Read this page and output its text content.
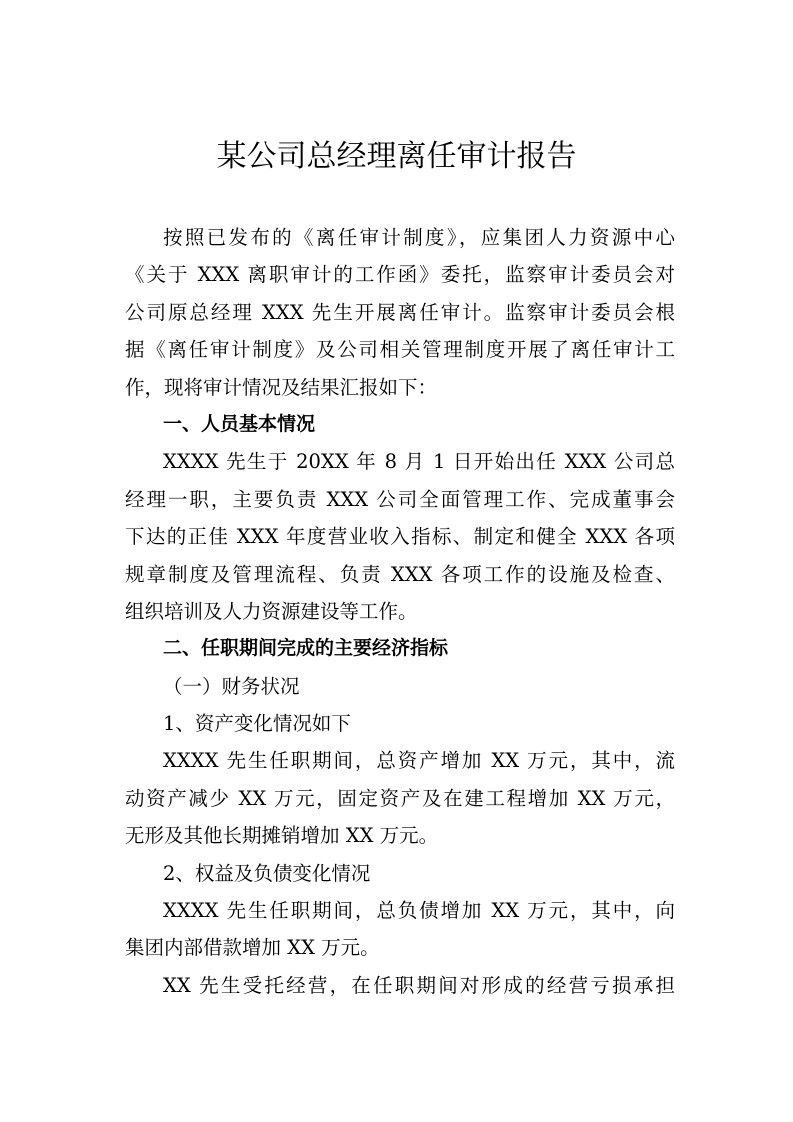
某公司总经理离任审计报告
按照已发布的《离任审计制度》，应集团人力资源中心
《关于 XXX 离职审计的工作函》委托，监察审计委员会对
公司原总经理 XXX 先生开展离任审计。监察审计委员会根
据《离任审计制度》及公司相关管理制度开展了离任审计工
作，现将审计情况及结果汇报如下：
一、人员基本情况
XXXX 先生于 20XX 年 8 月 1 日开始出任 XXX 公司总
经理一职，主要负责 XXX 公司全面管理工作、完成董事会
下达的正佳 XXX 年度营业收入指标、制定和健全 XXX 各项
规章制度及管理流程、负责 XXX 各项工作的设施及检查、
组织培训及人力资源建设等工作。
二、任职期间完成的主要经济指标
（一）财务状况
1、资产变化情况如下
XXXX 先生任职期间，总资产增加 XX 万元，其中，流
动资产减少 XX 万元，固定资产及在建工程增加 XX 万元，
无形及其他长期摊销增加 XX 万元。
2、权益及负债变化情况
XXXX 先生任职期间，总负债增加 XX 万元，其中，向
集团内部借款增加 XX 万元。
XX 先生受托经营，在任职期间对形成的经营亏损承担
